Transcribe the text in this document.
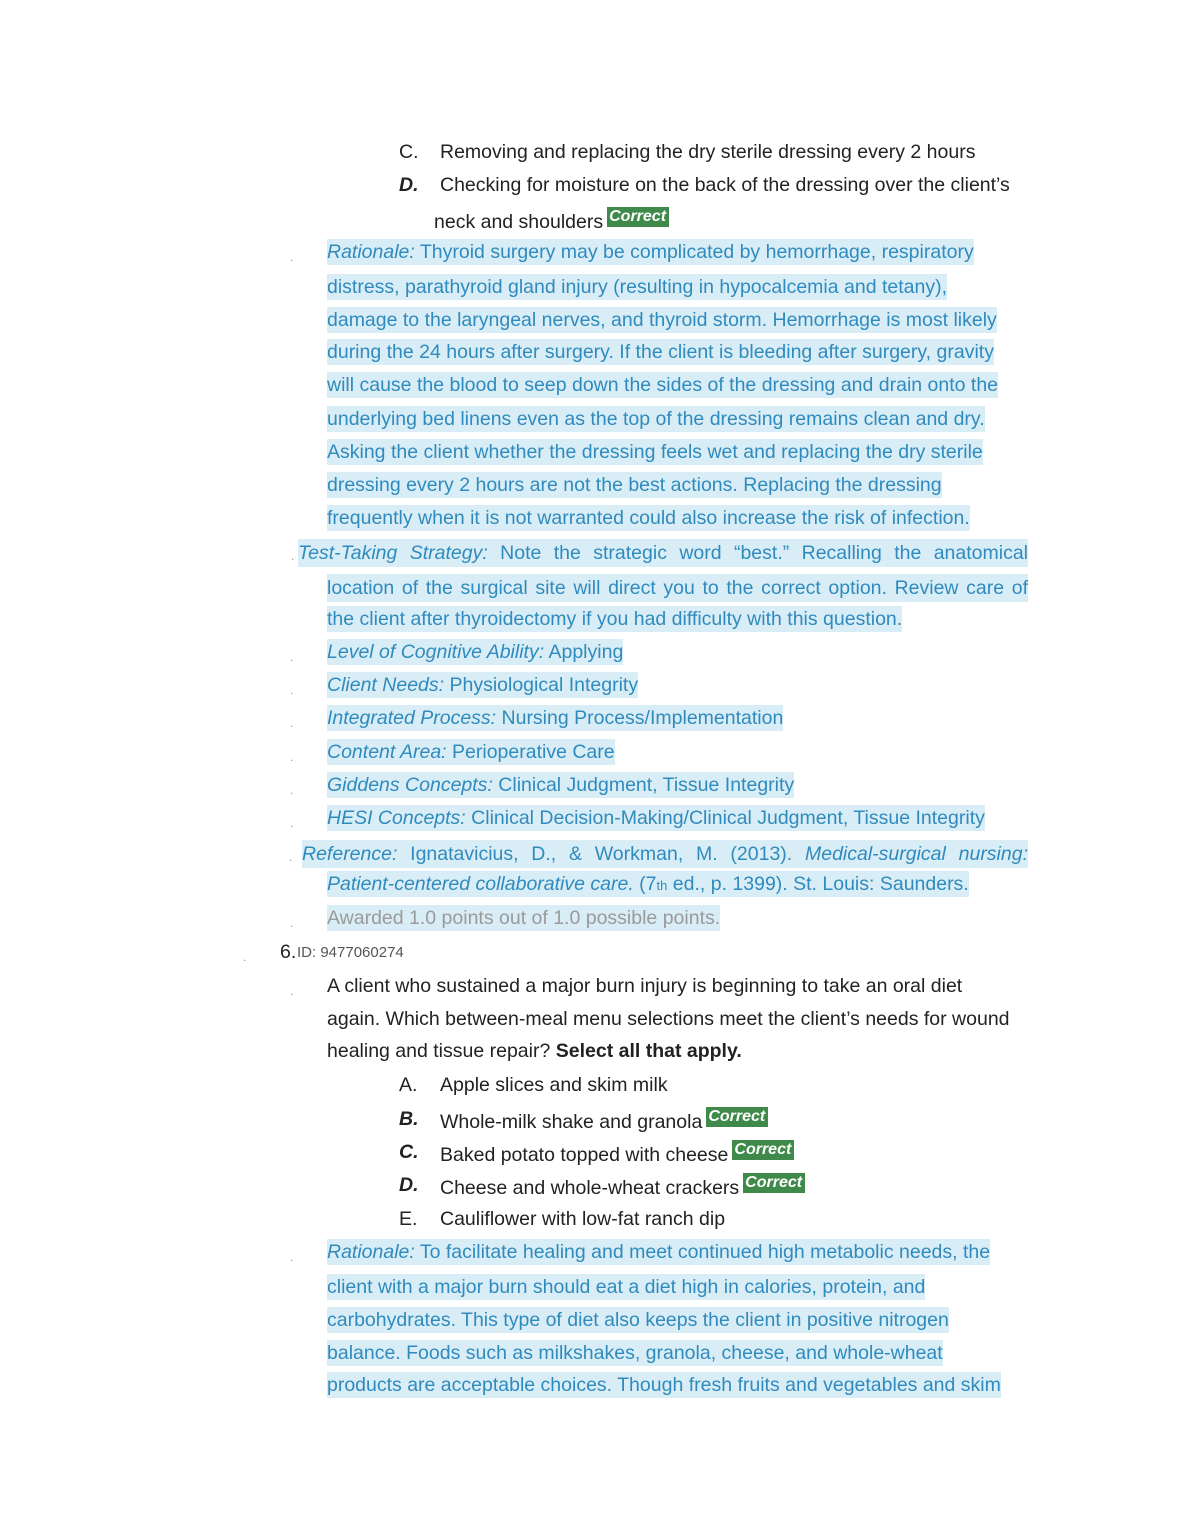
C. Removing and replacing the dry sterile dressing every 2 hours
D. Checking for moisture on the back of the dressing over the client’s
neck and shoulders Correct
. Rationale: Thyroid surgery may be complicated by hemorrhage, respiratory
distress, parathyroid gland injury (resulting in hypocalcemia and tetany),
damage to the laryngeal nerves, and thyroid storm. Hemorrhage is most likely
during the 24 hours after surgery. If the client is bleeding after surgery, gravity
will cause the blood to seep down the sides of the dressing and drain onto the
underlying bed linens even as the top of the dressing remains clean and dry.
Asking the client whether the dressing feels wet and replacing the dry sterile
dressing every 2 hours are not the best actions. Replacing the dressing
frequently when it is not warranted could also increase the risk of infection.
. Test-Taking Strategy: Note the strategic word “best.” Recalling the anatomical
location of the surgical site will direct you to the correct option. Review care of
the client after thyroidectomy if you had difficulty with this question.
. Level of Cognitive Ability: Applying
. Client Needs: Physiological Integrity
. Integrated Process: Nursing Process/Implementation
. Content Area: Perioperative Care
. Giddens Concepts: Clinical Judgment, Tissue Integrity
. HESI Concepts: Clinical Decision-Making/Clinical Judgment, Tissue Integrity
. Reference: Ignatavicius, D., & Workman, M. (2013). Medical-surgical nursing:
Patient-centered collaborative care. (7th ed., p. 1399). St. Louis: Saunders.
. Awarded 1.0 points out of 1.0 possible points.
. 6. ID: 9477060274
. A client who sustained a major burn injury is beginning to take an oral diet
again. Which between-meal menu selections meet the client’s needs for wound
healing and tissue repair? Select all that apply.
A. Apple slices and skim milk
B. Whole-milk shake and granola Correct
C. Baked potato topped with cheese Correct
D. Cheese and whole-wheat crackers Correct
E. Cauliflower with low-fat ranch dip
. Rationale: To facilitate healing and meet continued high metabolic needs, the
client with a major burn should eat a diet high in calories, protein, and
carbohydrates. This type of diet also keeps the client in positive nitrogen
balance. Foods such as milkshakes, granola, cheese, and whole-wheat
products are acceptable choices. Though fresh fruits and vegetables and skim
